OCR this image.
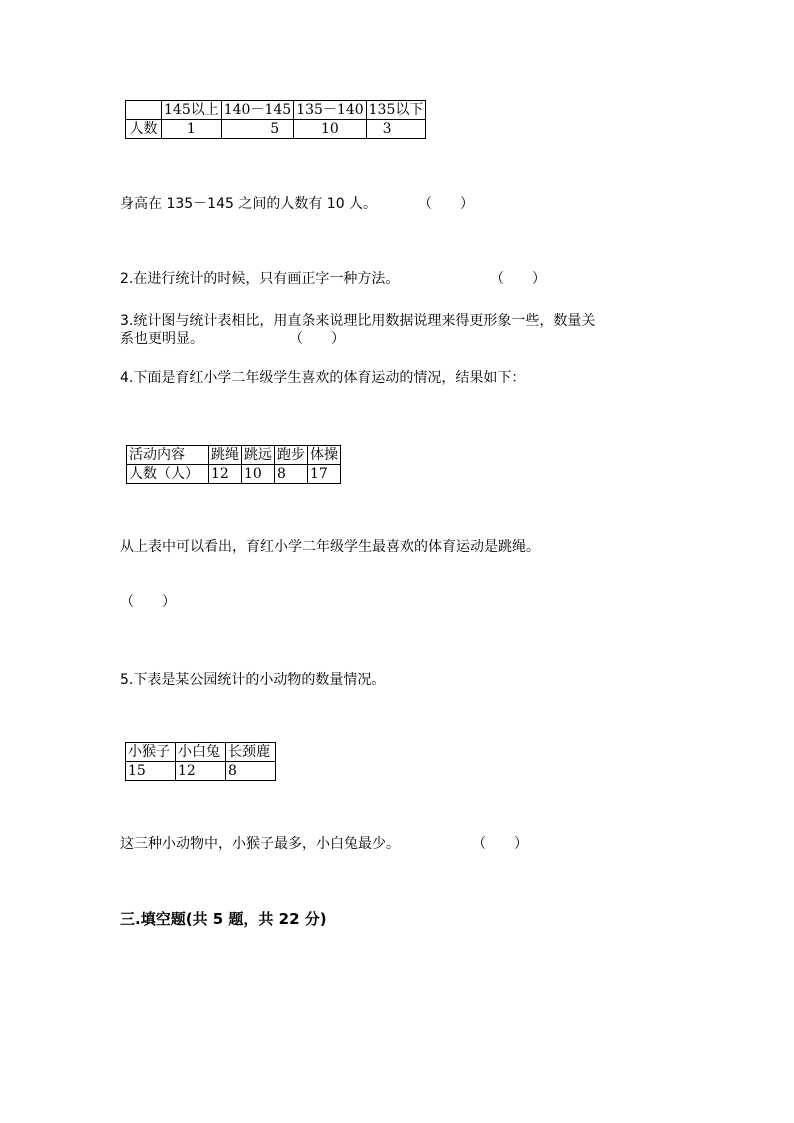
	145以上	140－145	135－140	135以下
人数	1	5	10	3
身高在 135－145 之间的人数有 10 人。	（　　）
2.在进行统计的时候，只有画正字一种方法。	（　　）
3.统计图与统计表相比，用直条来说理比用数据说理来得更形象一些，数量关
系也更明显。	（　　）
4.下面是育红小学二年级学生喜欢的体育运动的情况，结果如下：
活动内容	跳绳	跳远	跑步	体操
人数（人）	12	10	8	17
从上表中可以看出，育红小学二年级学生最喜欢的体育运动是跳绳。
（　　）
5.下表是某公园统计的小动物的数量情况。
小猴子	小白兔	长颈鹿
15	12	8
这三种小动物中，小猴子最多，小白兔最少。	（　　）
三.填空题(共 5 题，共 22 分)
